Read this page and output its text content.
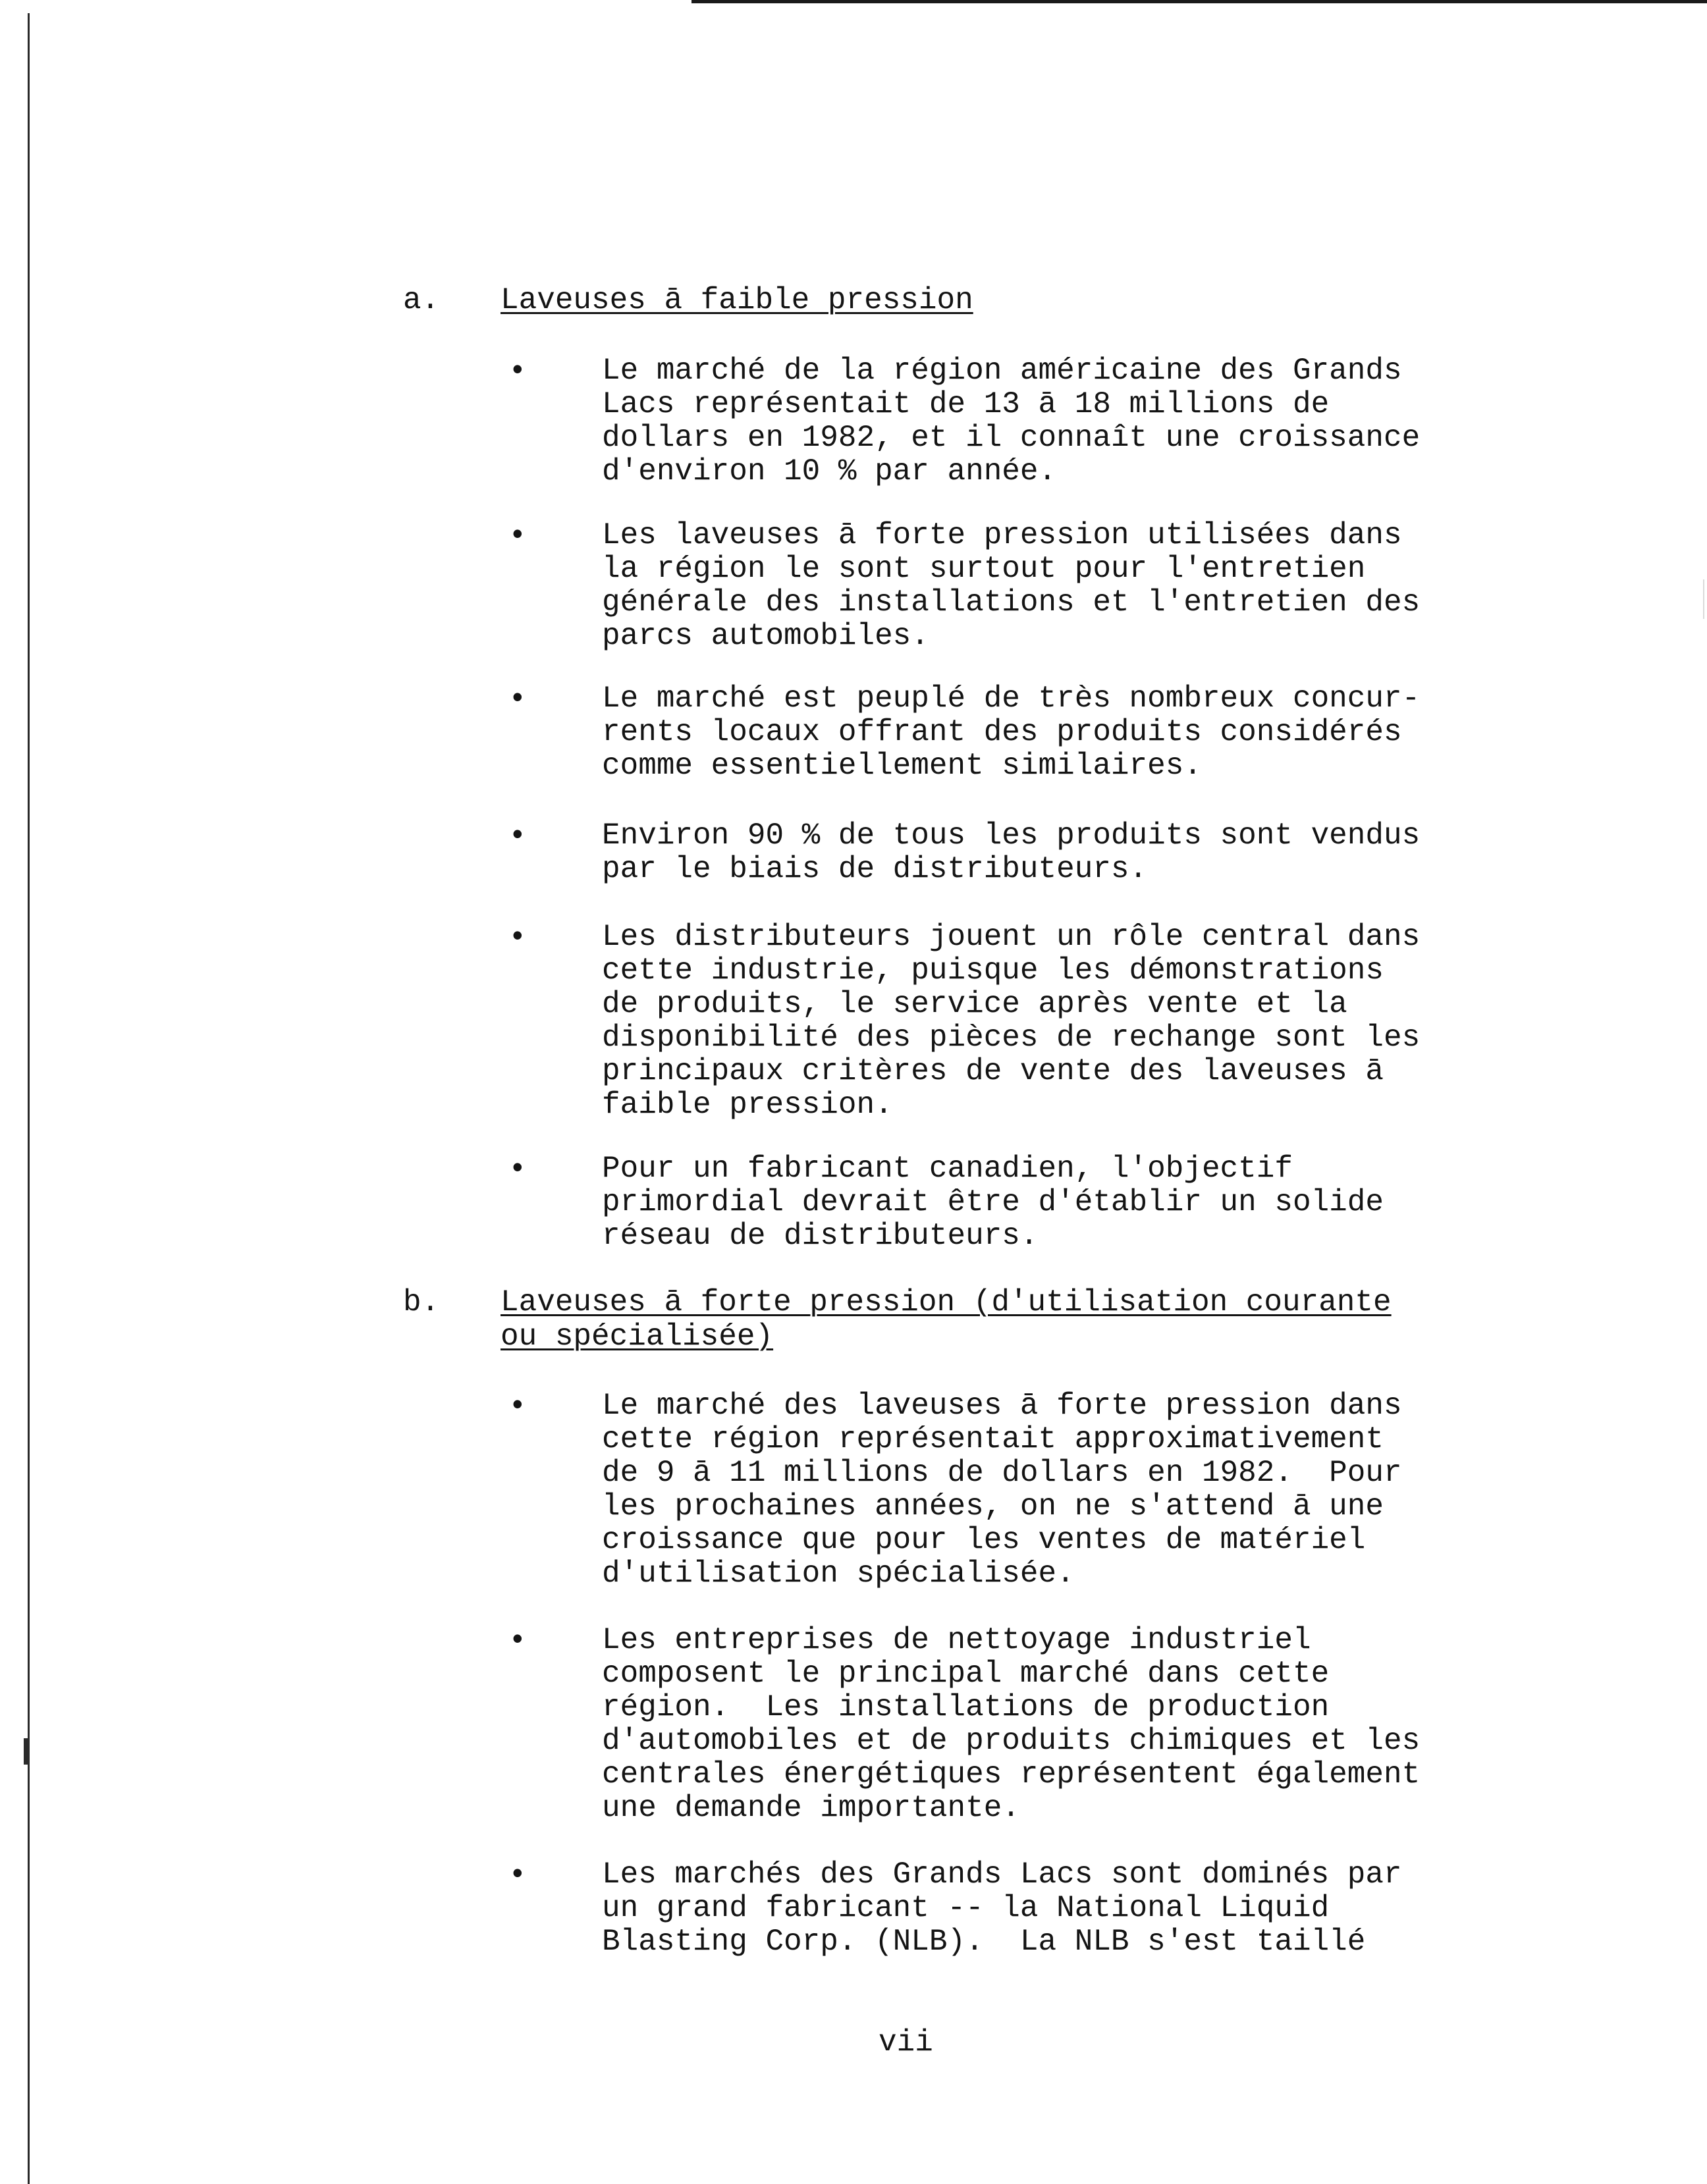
a. Laveuses ā faible pression
• Le marché de la région américaine des Grands
Lacs représentait de 13 ā 18 millions de
dollars en 1982, et il connaît une croissance
d'environ 10 % par année.
• Les laveuses ā forte pression utilisées dans
la région le sont surtout pour l'entretien
générale des installations et l'entretien des
parcs automobiles.
• Le marché est peuplé de très nombreux concur-
rents locaux offrant des produits considérés
comme essentiellement similaires.
• Environ 90 % de tous les produits sont vendus
par le biais de distributeurs.
• Les distributeurs jouent un rôle central dans
cette industrie, puisque les démonstrations
de produits, le service après vente et la
disponibilité des pièces de rechange sont les
principaux critères de vente des laveuses ā
faible pression.
• Pour un fabricant canadien, l'objectif
primordial devrait être d'établir un solide
réseau de distributeurs.
b. Laveuses ā forte pression (d'utilisation courante
ou spécialisée)
• Le marché des laveuses ā forte pression dans
cette région représentait approximativement
de 9 ā 11 millions de dollars en 1982.  Pour
les prochaines années, on ne s'attend ā une
croissance que pour les ventes de matériel
d'utilisation spécialisée.
• Les entreprises de nettoyage industriel
composent le principal marché dans cette
région.  Les installations de production
d'automobiles et de produits chimiques et les
centrales énergétiques représentent également
une demande importante.
• Les marchés des Grands Lacs sont dominés par
un grand fabricant -- la National Liquid
Blasting Corp. (NLB).  La NLB s'est taillé
vii
